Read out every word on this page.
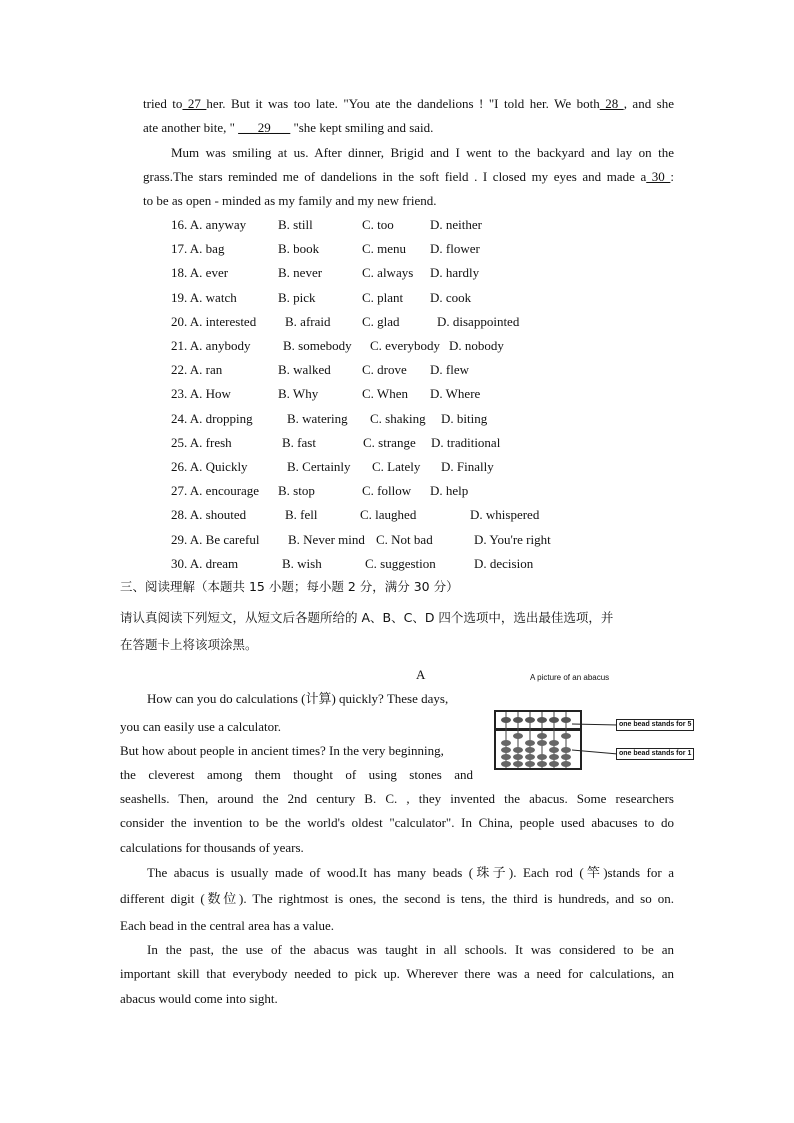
tried to 27 her. But it was too late. "You ate the dandelions ! "I told her. We both 28 , and she
ate another bite, " ___29___ "she kept smiling and said.
Mum was smiling at us. After dinner, Brigid and I went to the backyard and lay on the
grass.The stars reminded me of dandelions in the soft field . I closed my eyes and made a 30 :
to be as open - minded as my family and my new friend.
16. A. anyway B. still	C. too	D. neither
17. A. bag	B. book	C. menu D. flower
18. A. ever	B. never	C. always D. hardly
19. A. watch	B. pick	C. plant D. cook
20. A. interested B. afraid C. glad	D. disappointed
21. A. anybody	B. somebody C. everybody D. nobody
22. A. ran	B. walked C. drove D. flew
23. A. How	B. Why	C. When D. Where
24. A. dropping	B. watering C. shaking D. biting
25. A. fresh	B. fast	C. strange D. traditional
26. A. Quickly	B. Certainly C. Lately D. Finally
27. A. encourage B. stop	C. follow D. help
28. A. shouted	B. fell	C. laughed	D. whispered
29. A. Be careful B. Never mind C. Not bad	D. You're right
30. A. dream	B. wish	C. suggestion	D. decision
三、阅读理解（本题共 15 小题；每小题 2 分，满分 30 分）
请认真阅读下列短文，从短文后各题所给的 A、B、C、D 四个选项中，选出最佳选项，并
在答题卡上将该项涂黑。
A	A picture of an abacus
one bead stands for 5
one bead stands for 1
How can you do calculations (计算) quickly? These days,
you can easily use a calculator.
But how about people in ancient times? In the very beginning,
the cleverest among them thought of using stones and
seashells. Then, around the 2nd century B. C. , they invented the abacus. Some researchers
consider the invention to be the world's oldest "calculator". In China, people used abacuses to do
calculations for thousands of years.
The abacus is usually made of wood.It has many beads (珠子). Each rod (竿)stands for a
different digit (数位). The rightmost is ones, the second is tens, the third is hundreds, and so on.
Each bead in the central area has a value.
In the past, the use of the abacus was taught in all schools. It was considered to be an
important skill that everybody needed to pick up. Wherever there was a need for calculations, an
abacus would come into sight.
